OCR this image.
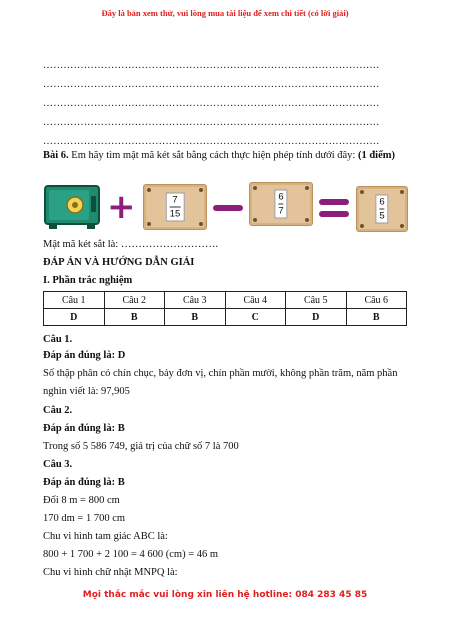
Đây là bản xem thử, vui lòng mua tài liệu để xem chi tiết (có lời giải)
………………………………………………………………………………………
………………………………………………………………………………………
………………………………………………………………………………………
………………………………………………………………………………………
………………………………………………………………………………………
Bài 6. Em hãy tìm mật mã két sắt bằng cách thực hiện phép tính dưới đây: (1 điểm)
+	7
15
6
7
6
5
Mật mã két sắt là: ……………………….
ĐÁP ÁN VÀ HƯỚNG DẪN GIẢI
I. Phần trắc nghiệm
Câu 1	Câu 2	Câu 3	Câu 4	Câu 5	Câu 6
D	B	B	C	D	B
Câu 1.
Đáp án đúng là: D
Số thập phân có chín chục, bảy đơn vị, chín phần mười, không phần trăm, năm phần
nghìn viết là: 97,905
Câu 2.
Đáp án đúng là: B
Trong số 5 586 749, giá trị của chữ số 7 là 700
Câu 3.
Đáp án đúng là: B
Đổi 8 m = 800 cm
170 dm = 1 700 cm
Chu vi hình tam giác ABC là:
800 + 1 700 + 2 100 = 4 600 (cm) = 46 m
Chu vi hình chữ nhật MNPQ là:
Mọi thắc mắc vui lòng xin liên hệ hotline: 084 283 45 85
